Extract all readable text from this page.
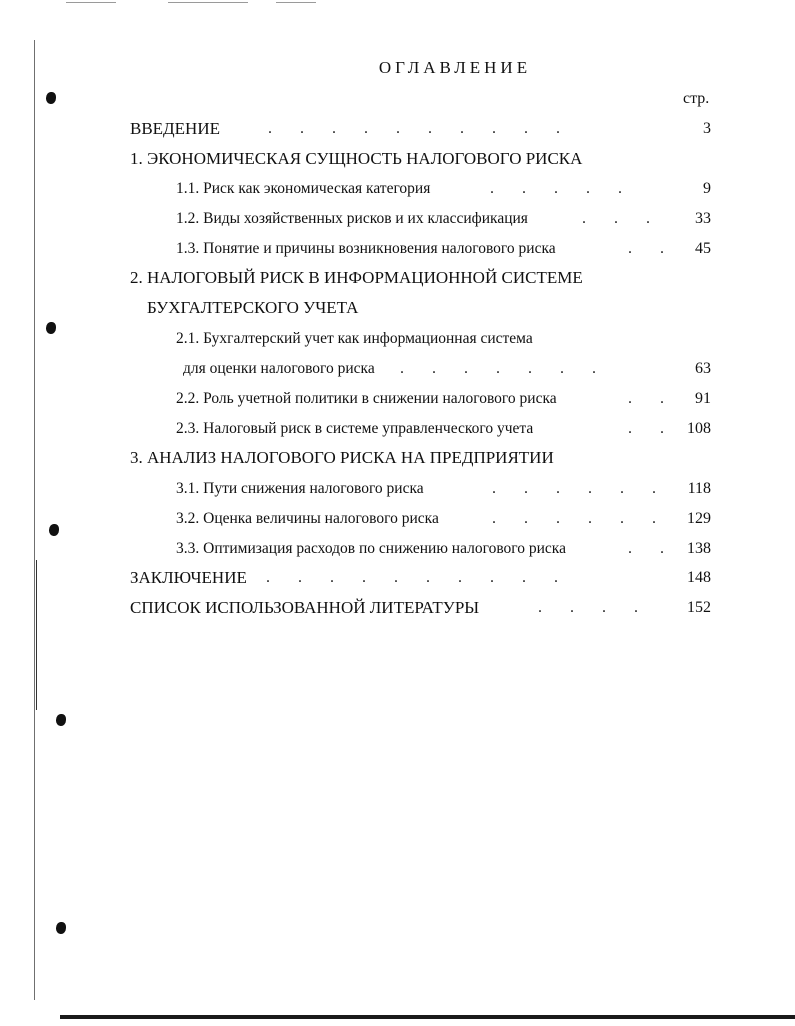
ОГЛАВЛЕНИЕ
стр.
ВВЕДЕНИЕ	.       .       .       .       .       .       .       .       .       .	3
1. ЭКОНОМИЧЕСКАЯ СУЩНОСТЬ НАЛОГОВОГО РИСКА
1.1. Риск как экономическая категория	.       .       .       .       .	9
1.2. Виды хозяйственных рисков и их классификация	.       .       .	33
1.3. Понятие и причины возникновения налогового риска	.       . 45
2. НАЛОГОВЫЙ РИСК В ИНФОРМАЦИОННОЙ СИСТЕМЕ
БУХГАЛТЕРСКОГО УЧЕТА
2.1. Бухгалтерский учет как информационная система
для оценки налогового риска .       .       .       .       .       .       .	63
2.2. Роль учетной политики в снижении налогового риска	.       . 91
2.3. Налоговый риск в системе управленческого учета	.       . 108
3. АНАЛИЗ НАЛОГОВОГО РИСКА НА ПРЕДПРИЯТИИ
3.1. Пути снижения налогового риска	.       .       .       .       .       . 118
3.2. Оценка величины налогового риска	.       .       .       .       .       . 129
3.3. Оптимизация расходов по снижению налогового риска	.       . 138
ЗАКЛЮЧЕНИЕ .       .       .       .       .       .       .       .       .       .	148
СПИСОК ИСПОЛЬЗОВАННОЙ ЛИТЕРАТУРЫ	.       .       .       .	152
